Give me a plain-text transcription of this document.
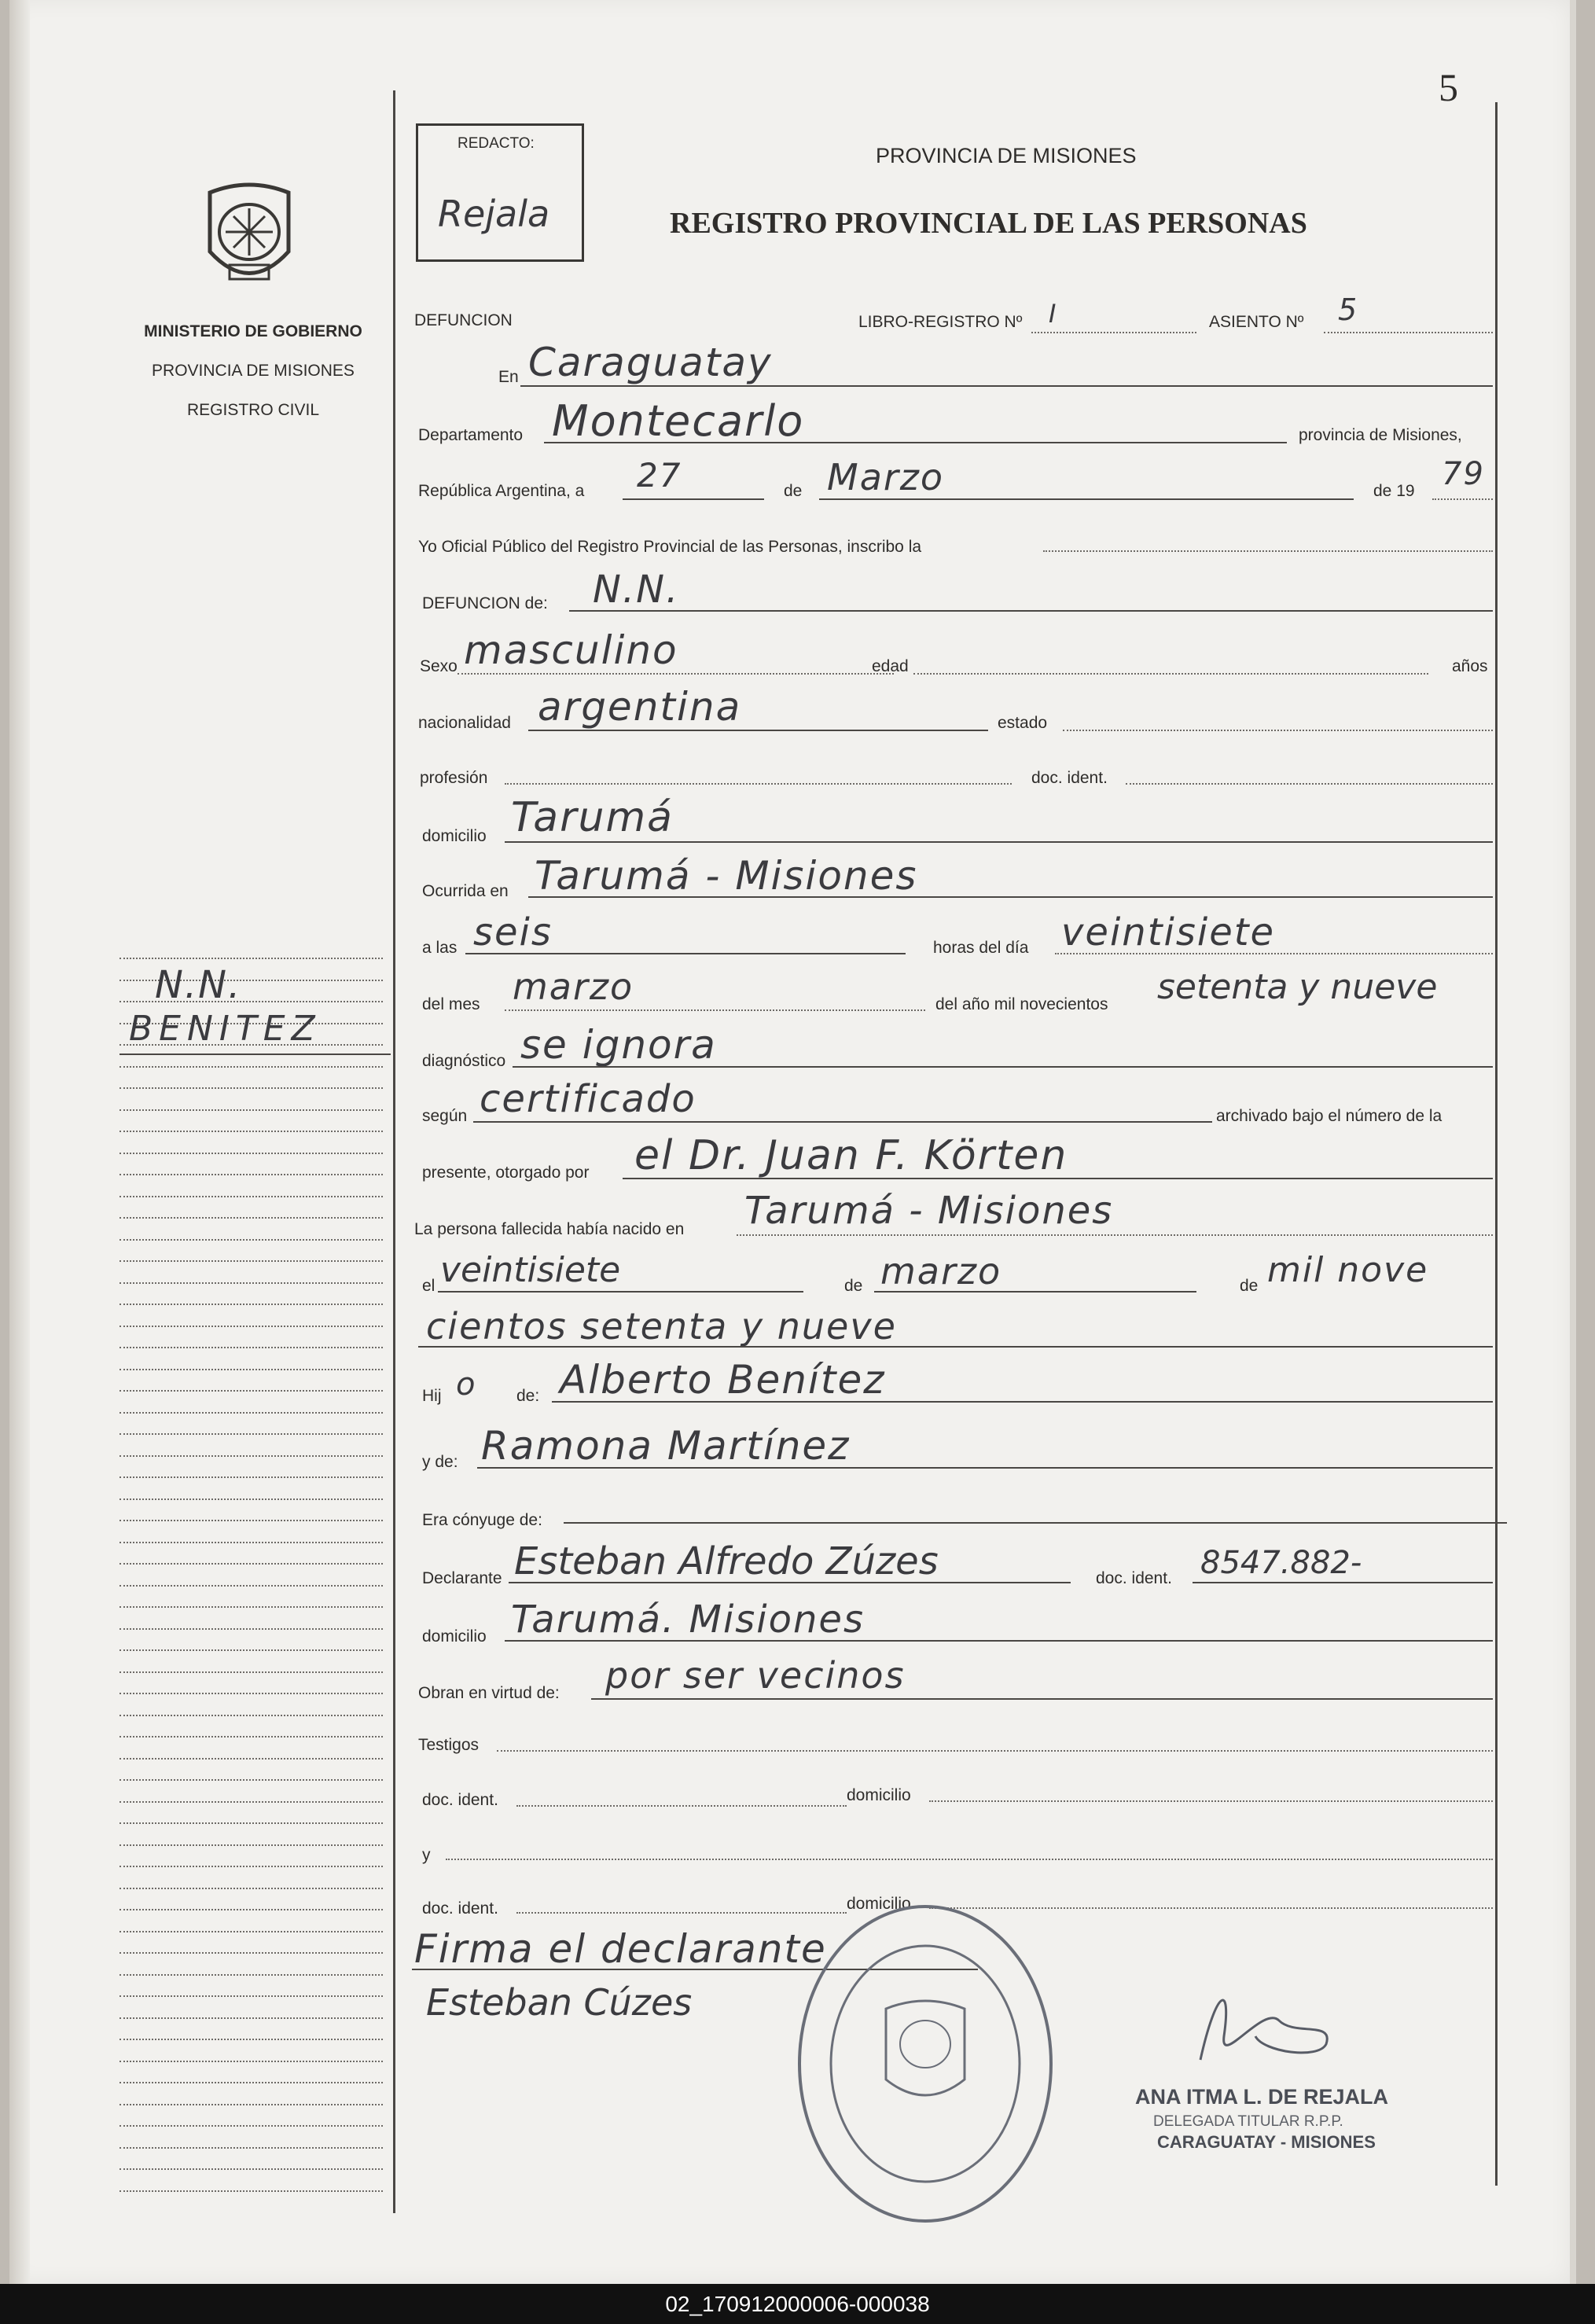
5
MINISTERIO DE GOBIERNO
PROVINCIA DE MISIONES
REGISTRO CIVIL
N.N.
BENITEZ
REDACTO:
Rejala
PROVINCIA DE MISIONES
REGISTRO PROVINCIAL DE LAS PERSONAS
DEFUNCION	LIBRO-REGISTRO Nº I	ASIENTO Nº 5
En Caraguatay
Departamento Montecarlo	provincia de Misiones,
República Argentina, a 27	de Marzo	de 19 79
Yo Oficial Público del Registro Provincial de las Personas, inscribo la
DEFUNCION de: N.N.
Sexo masculino	edad	años
nacionalidad argentina	estado
profesión	doc. ident.
domicilio Tarumá
Ocurrida en Tarumá - Misiones
a las seis	horas del día veintisiete
del mes marzo	del año mil novecientos setenta y nueve
diagnóstico se ignora
según certificado	archivado bajo el número de la
presente, otorgado por el Dr. Juan F. Körten
La persona fallecida había nacido en Tarumá - Misiones
el veintisiete	de marzo	de mil nove
cientos setenta y nueve
Hij o de: Alberto Benítez
y de: Ramona Martínez
Era cónyuge de:
Declarante Esteban Alfredo Zúzes	doc. ident. 8547.882-
domicilio Tarumá. Misiones
Obran en virtud de: por ser vecinos
Testigos
doc. ident.	domicilio
y
doc. ident.	domicilio
Firma el declarante
Esteban Cúzes
ANA ITMA L. DE REJALA
DELEGADA TITULAR R.P.P.
CARAGUATAY - MISIONES
02_170912000006-000038
